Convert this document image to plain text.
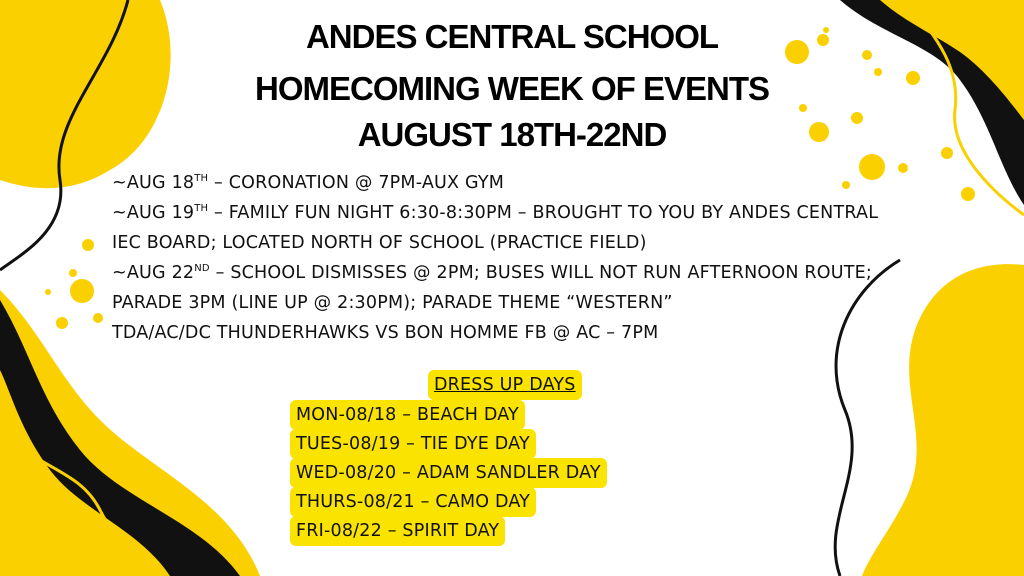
ANDES CENTRAL SCHOOL
HOMECOMING WEEK OF EVENTS
AUGUST 18TH-22ND
~AUG 18TH – CORONATION @ 7PM-AUX GYM
~AUG 19TH – FAMILY FUN NIGHT 6:30-8:30PM – BROUGHT TO YOU BY ANDES CENTRAL
IEC BOARD; LOCATED NORTH OF SCHOOL (PRACTICE FIELD)
~AUG 22ND – SCHOOL DISMISSES @ 2PM; BUSES WILL NOT RUN AFTERNOON ROUTE;
PARADE 3PM (LINE UP @ 2:30PM); PARADE THEME “WESTERN”
TDA/AC/DC THUNDERHAWKS VS BON HOMME FB @ AC – 7PM
DRESS UP DAYS
MON-08/18 – BEACH DAY
TUES-08/19 – TIE DYE DAY
WED-08/20 – ADAM SANDLER DAY
THURS-08/21 – CAMO DAY
FRI-08/22 – SPIRIT DAY
